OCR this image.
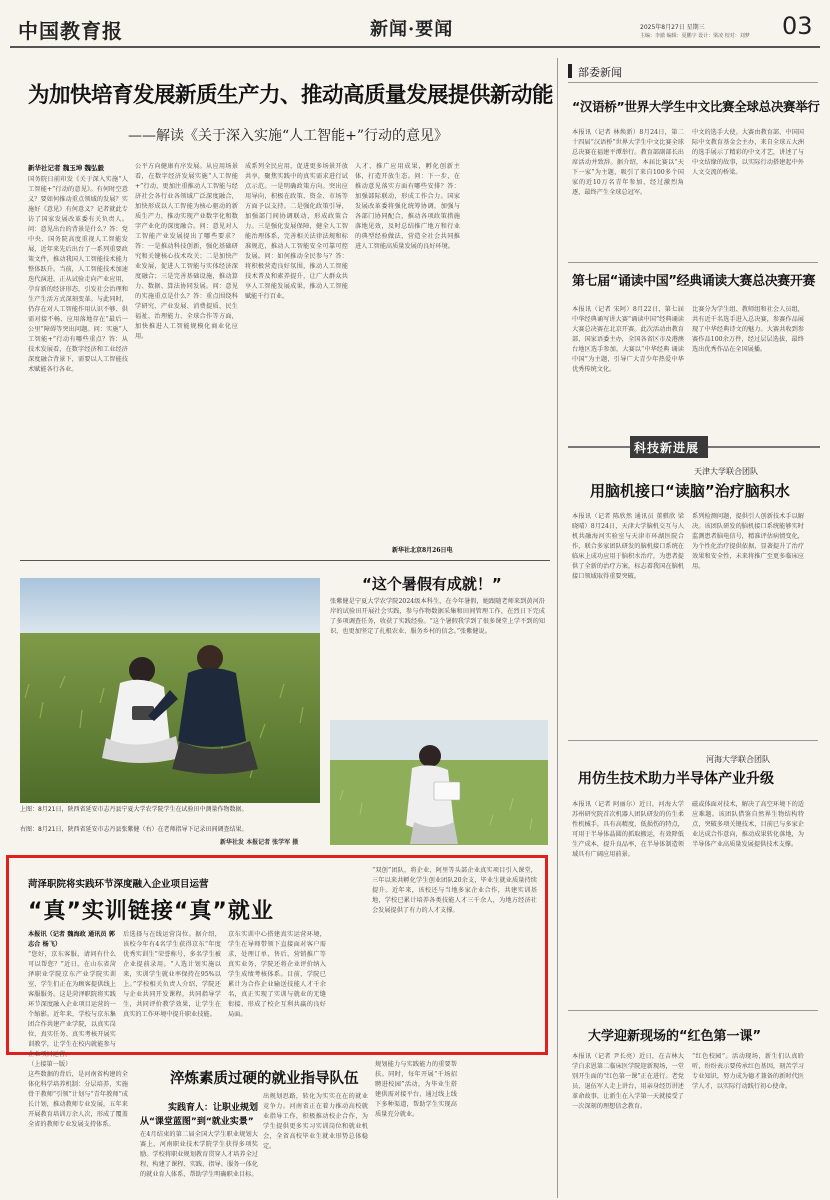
中国教育报	新闻·要闻	2025年8月27日 星期三
主编：李澈 编辑：夏鹏宇 设计：梁凌 校对：刘梦	03
为加快培育发展新质生产力、推动高质量发展提供新动能
——解读《关于深入实施“人工智能+”行动的意见》
新华社记者 魏玉坤 魏弘毅
国务院日前印发《关于深入实施“人工智能+”行动的意见》。有何时空意义？要如何推动重点领域的发展？实施好《意见》有何意义？记者就此专访了国家发展改革委有关负责人。问：意见出台的背景是什么？答：党中央、国务院高度重视人工智能发展，近年来先后出台了一系列重要政策文件，推动我国人工智能技术能力整体跃升。当前，人工智能技术加速迭代演进，正从试验走向产业应用，孕育新的经济形态，引发社会治理和生产生活方式深刻变革。与此同时，仍存在对人工智能作用认识不够、供需对接不畅、应用落地存在“最后一公里”障碍等突出问题。问：实施“人工智能+”行动有哪些重点？答：从技术发展看，在数字经济和工业经济深度融合背景下，需要以人工智能技术赋能各行各业。
公平方向健康有序发展。从应用场景看，在数字经济发展实施“人工智能+”行动，更加注重推动人工智能与经济社会各行业各领域广泛深度融合，加快形成以人工智能为核心驱动的新质生产力，推动实现产业数字化和数字产业化的深度融合。问：意见对人工智能产业发展提出了哪些要求？答：一是推动科技创新，强化基础研究和关键核心技术攻关；二是加快产业发展，促进人工智能与实体经济深度融合；三是完善基础设施，推动算力、数据、算法协同发展。问：意见的实施重点是什么？答：重点围绕科学研究、产业发展、消费提质、民生福祉、治理能力、全球合作等方面，加快推进人工智能规模化商业化应用。
成系列全民应用，促进更多场景开放共享，聚焦实践中的真实需求进行试点示范。一是明确政策方向。突出应用导向，积极在政策、资金、市场等方面予以支持。二是强化政策引导，加强部门间协调联动，形成政策合力。三是强化发展保障，健全人工智能治理体系，完善相关法律法规和标准规范，推动人工智能安全可靠可控发展。问：如何推动全民参与？答：将积极营造良好氛围，推动人工智能技术普及和素养提升，让广大群众共享人工智能发展成果，推动人工智能赋能千行百业。
人才、推广应用成果，孵化创新主体，打造开放生态。问：下一步，在推动意见落实方面有哪些安排？答：加强部际联动，形成工作合力。国家发展改革委将强化统筹协调，加强与各部门协同配合，推动各项政策措施落地见效，及时总结推广地方和行业的典型经验做法，营造全社会共同推进人工智能高质量发展的良好环境。
新华社北京8月26日电
“这个暑假有成就！”
张紫健是宁夏大学农学院2024级本科生，在今年暑假，她跟随老师来到黄河沿岸的试验田开展社会实践，参与作物数据采集和田间管理工作，在烈日下完成了多项调查任务，收获了实践经验。“这个暑假我学到了很多课堂上学不到的知识，也更加坚定了扎根农业、服务乡村的信念。”张紫健说。
上图：8月21日，陕西省延安市志丹县宁夏大学农学院学生在试验田中测量作物数据。
右图：8月21日，陕西省延安市志丹县张紫健（右）在老师指导下记录田间调查结果。
新华社发 本报记者 张学军 摄
菏泽职院将实践环节深度融入企业项目运营
“真”实训链接“真”就业
本报讯（记者 魏海政 通讯员 郭志合 杨飞）
“您好，京东客服，请问有什么可以帮您？”近日，在山东省菏泽职业学院京东产业学院实训室，学生们正在为顾客提供线上客服服务。这是菏泽职院将实践环节深度融入企业项目运营的一个缩影。近年来，学校与京东集团合作共建产业学院，以真实岗位、真实任务、真实考核开展实训教学，让学生在校内就能参与企业项目运营。
后选择与在线运营岗位。据介绍，该校今年有4名学生获得京东“年度优秀实训生”荣誉称号，多名学生被企业提前录用。“人选计划实施以来，实训学生就业率保持在95%以上。”学校相关负责人介绍，学院还与企业共同开发课程，共同指导学生，共同评价教学效果，让学生在真实的工作环境中提升职业技能。
京东实训中心搭建真实运营环境，学生在导师带领下直接面对客户需求，处理订单、售后、营销推广等真实业务，学院还将企业评价纳入学生成绩考核体系。目前，学院已累计为合作企业输送技能人才千余名，真正实现了实训与就业的无缝衔接，形成了校企互利共赢的良好局面。
“双创”团队，将企业、阿里等头部企业真实项目引入课堂，三年以来共孵化学生创业团队20余支，毕业生就业质量持续提升。近年来，该校还与当地多家企业合作，共建实训基地，学校已累计培养各类技能人才三千余人，为地方经济社会发展提供了有力的人才支撑。
（上接第一版）
这些数据的背后，是河南省构建的全体化科学培养机制：分层培养，实施骨干教师“引领”计划与“青年教师”成长计划，推动教师专业发展，五年来开展教育培训万余人次，形成了覆盖全省的教师专业发展支持体系。
淬炼素质过硬的就业指导队伍
实践育人：让职业规划
从“课堂蓝图”到“就业实景”
在4月结束的第二届全国大学生职业规划大赛上，河南职业技术学院学生获得多项奖励。学校将职业规划教育贯穿人才培养全过程，构建了课程、实践、指导、服务一体化的就业育人体系，帮助学生明确职业目标。
出规划思路，转化为实实在在的就业竞争力。河南省正在着力推动高校就业指导工作，积极推动校企合作，为学生提供更多实习实训岗位和就业机会，全省高校毕业生就业形势总体稳定。
规划能力与实践能力的重要帮扶。同时，每年开展“千场招聘进校园”活动，为毕业生搭建供需对接平台，通过线上线下多种渠道，帮助学生实现高质量充分就业。
部委新闻
“汉语桥”世界大学生中文比赛全球总决赛举行
本报讯（记者 林焕新）8月24日，第二十四届“汉语桥”世界大学生中文比赛全球总决赛在福建平潭举行。教育部副部长出席活动并致辞。据介绍，本届比赛以“天下一家”为主题，吸引了来自100多个国家的近10万名青年参加，经过激烈角逐，最终产生全球总冠军。
中文的选手大使。大赛由教育部、中国国际中文教育基金会主办，来自全球五大洲的选手展示了精彩的中文才艺，讲述了与中文结缘的故事，以实际行动搭建起中外人文交流的桥梁。
第七届“诵读中国”经典诵读大赛总决赛开赛
本报讯（记者 宋阿）8月22日，第七届中华经典诵写讲大赛“诵读中国”经典诵读大赛总决赛在北京开赛。此次活动由教育部、国家语委主办，全国各省区市及港澳台地区选手参加，大赛以“中华经典 诵读中国”为主题，引导广大青少年热爱中华优秀传统文化。
比赛分为学生组、教师组和社会人员组，共有近千名选手进入总决赛，参赛作品展现了中华经典诗文的魅力。大赛共收到参赛作品100余万件，经过层层选拔，最终选出优秀作品在全国展播。
科技新进展
天津大学联合团队
用脑机接口“读脑”治疗脑积水
本报讯（记者 陈欣然 通讯员 董骐欣 梁晓晴）8月24日，天津大学脑机交互与人机共融海河实验室与天津市环湖医院合作，联合多家团队研发的脑机接口系统在临床上成功应用于脑积水治疗，为患者提供了全新的治疗方案，标志着我国在脑机接口领域取得重要突破。
系列检测问题，提供引人创新技术手以解决。该团队研发的脑机接口系统能够实时监测患者脑电信号，精准评估病情变化，为个性化治疗提供依据，显著提升了治疗效果和安全性，未来将推广至更多临床应用。
河海大学联合团队
用仿生技术助力半导体产业升级
本报讯（记者 阿丽尔）近日，河海大学苏州研究院首次机器人团队研发的仿生柔性机械手，具有高精度、低损伤的特点，可用于半导体晶圆的抓取搬运，有效降低生产成本，提升良品率，在半导体制造领域具有广阔应用前景。
磁或体面对技术，解决了高空环境下的适应难题。该团队借鉴自然界生物结构特点，突破多项关键技术，目前已与多家企业达成合作意向，推动成果转化落地，为半导体产业高质量发展提供技术支撑。
大学迎新现场的“红色第一课”
本报讯（记者 尹长亮）近日，在吉林大学白求恩第二临床医学院迎新现场，一堂别开生面的“红色第一课”正在进行。老党员、退伍军人走上讲台，用亲身经历讲述革命故事，让新生在入学第一天就接受了一次深刻的理想信念教育。
“红色校园”。活动现场，新生们认真聆听，纷纷表示要传承红色基因，刻苦学习专业知识，努力成为德才兼备的新时代医学人才，以实际行动践行初心使命。
